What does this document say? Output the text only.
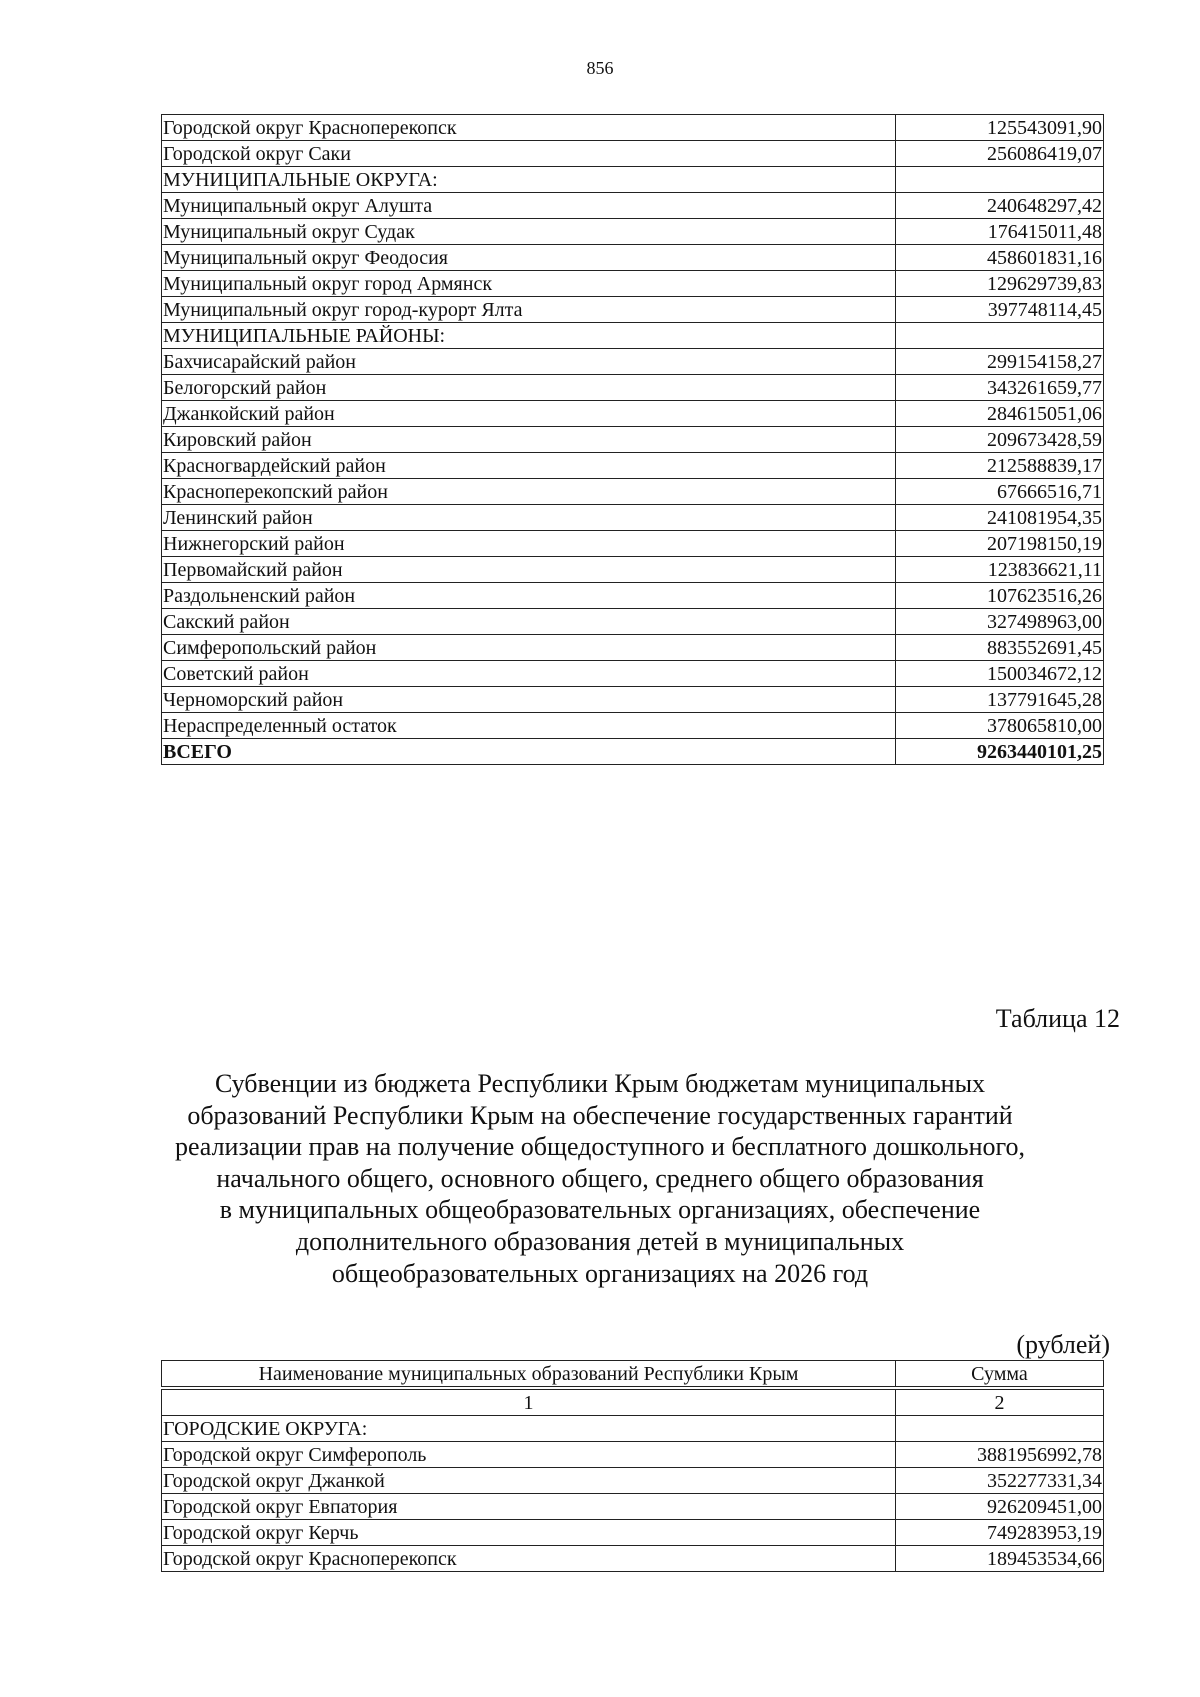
856
Городской округ Красноперекопск	125543091,90
Городской округ Саки	256086419,07
МУНИЦИПАЛЬНЫЕ ОКРУГА:	
Муниципальный округ Алушта	240648297,42
Муниципальный округ Судак	176415011,48
Муниципальный округ Феодосия	458601831,16
Муниципальный округ город Армянск	129629739,83
Муниципальный округ город-курорт Ялта	397748114,45
МУНИЦИПАЛЬНЫЕ РАЙОНЫ:	
Бахчисарайский район	299154158,27
Белогорский район	343261659,77
Джанкойский район	284615051,06
Кировский район	209673428,59
Красногвардейский район	212588839,17
Красноперекопский район	67666516,71
Ленинский район	241081954,35
Нижнегорский район	207198150,19
Первомайский район	123836621,11
Раздольненский район	107623516,26
Сакский район	327498963,00
Симферопольский район	883552691,45
Советский район	150034672,12
Черноморский район	137791645,28
Нераспределенный остаток	378065810,00
ВСЕГО	9263440101,25
Таблица 12
Субвенции из бюджета Республики Крым бюджетам муниципальных
образований Республики Крым на обеспечение государственных гарантий
реализации прав на получение общедоступного и бесплатного дошкольного,
начального общего, основного общего, среднего общего образования
в муниципальных общеобразовательных организациях, обеспечение
дополнительного образования детей в муниципальных
общеобразовательных организациях на 2026 год
(рублей)
Наименование муниципальных образований Республики Крым	Сумма
1	2
ГОРОДСКИЕ ОКРУГА:	
Городской округ Симферополь	3881956992,78
Городской округ Джанкой	352277331,34
Городской округ Евпатория	926209451,00
Городской округ Керчь	749283953,19
Городской округ Красноперекопск	189453534,66
